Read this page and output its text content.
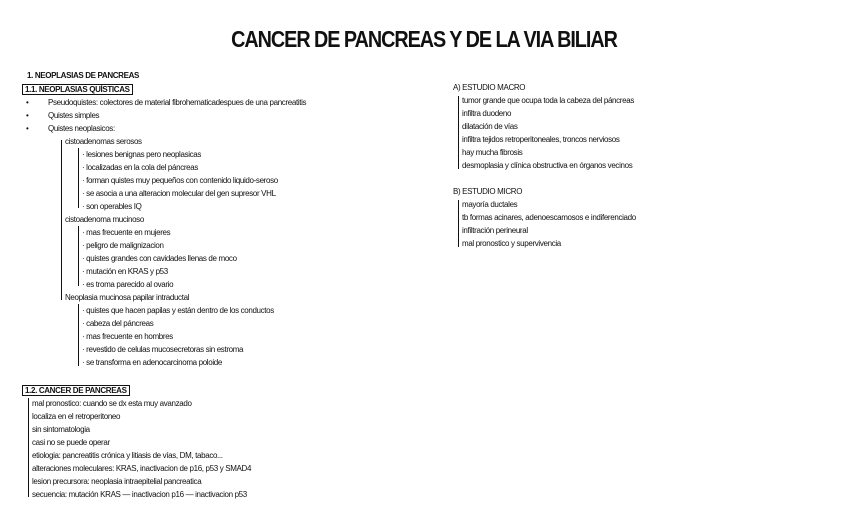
CANCER DE PANCREAS Y DE LA VIA BILIAR
1. NEOPLASIAS DE PANCREAS
1.1. NEOPLASIAS QUÍSTICAS
• Pseudoquistes: colectores de material fibrohematicadespues de una pancreatitis
• Quistes simples
• Quistes neoplasicos:
cistoadenomas serosos
· lesiones benignas pero neoplasicas
· localizadas en la cola del páncreas
· forman quistes muy pequeños con contenido liquido-seroso
· se asocia a una alteracion molecular del gen supresor VHL
· son operables IQ
cistoadenoma mucinoso
· mas frecuente en mujeres
· peligro de malignizacion
· quistes grandes con cavidades llenas de moco
· mutación en KRAS y p53
· es troma parecido al ovario
Neoplasia mucinosa papilar intraductal
· quistes que hacen papilas y están dentro de los conductos
· cabeza del páncreas
· mas frecuente en hombres
· revestido de celulas mucosecretoras sin estroma
· se transforma en adenocarcinoma poloide
1.2. CANCER DE PANCREAS
mal pronostico: cuando se dx esta muy avanzado
localiza en el retroperitoneo
sin sintomatologia
casi no se puede operar
etiologia: pancreatitis crónica y litiasis de vías, DM, tabaco...
alteraciones moleculares: KRAS, inactivacion de p16, p53 y SMAD4
lesion precursora: neoplasia intraepitelial pancreatica
secuencia: mutación KRAS — inactivacion p16 — inactivacion p53
A) ESTUDIO MACRO
tumor grande que ocupa toda la cabeza del páncreas
infiltra duodeno
dilatación de vías
infiltra tejidos retroperitoneales, troncos nerviosos
hay mucha fibrosis
desmoplasia y clínica obstructiva en órganos vecinos
B) ESTUDIO MICRO
mayoría ductales
tb formas acinares, adenoescamosos e indiferenciado
infiltración perineural
mal pronostico y supervivencia
